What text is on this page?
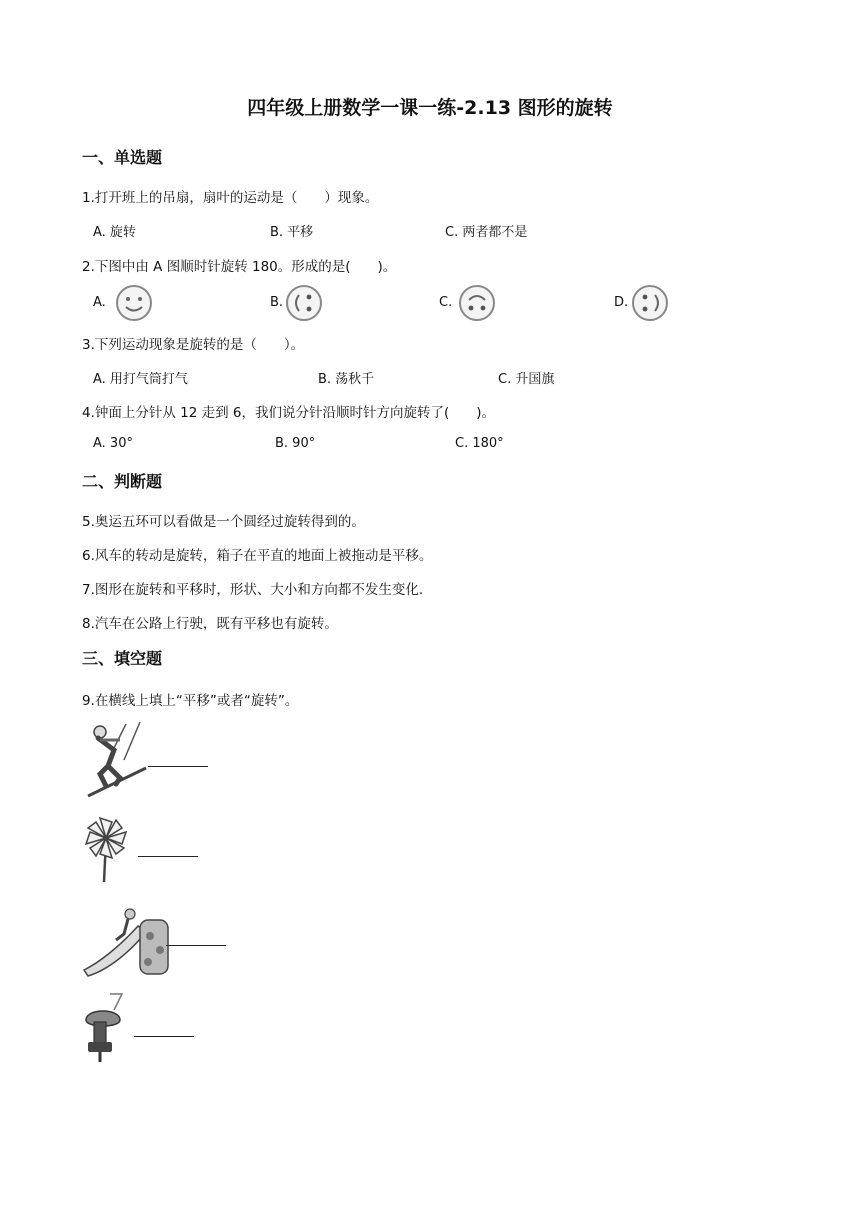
四年级上册数学一课一练-2.13 图形的旋转
一、单选题
1.打开班上的吊扇，扇叶的运动是（　　）现象。
A. 旋转	B. 平移	C. 两者都不是
2.下图中由 A 图顺时针旋转 180。形成的是(　　)。
A.	B.	C.	D.
3.下列运动现象是旋转的是（　　）。
A. 用打气筒打气	B. 荡秋千	C. 升国旗
4.钟面上分针从 12 走到 6，我们说分针沿顺时针方向旋转了(　　)。
A. 30°	B. 90°	C. 180°
二、判断题
5.奥运五环可以看做是一个圆经过旋转得到的。
6.风车的转动是旋转，箱子在平直的地面上被拖动是平移。
7.图形在旋转和平移时，形状、大小和方向都不发生变化.
8.汽车在公路上行驶，既有平移也有旋转。
三、填空题
9.在横线上填上“平移”或者“旋转”。
